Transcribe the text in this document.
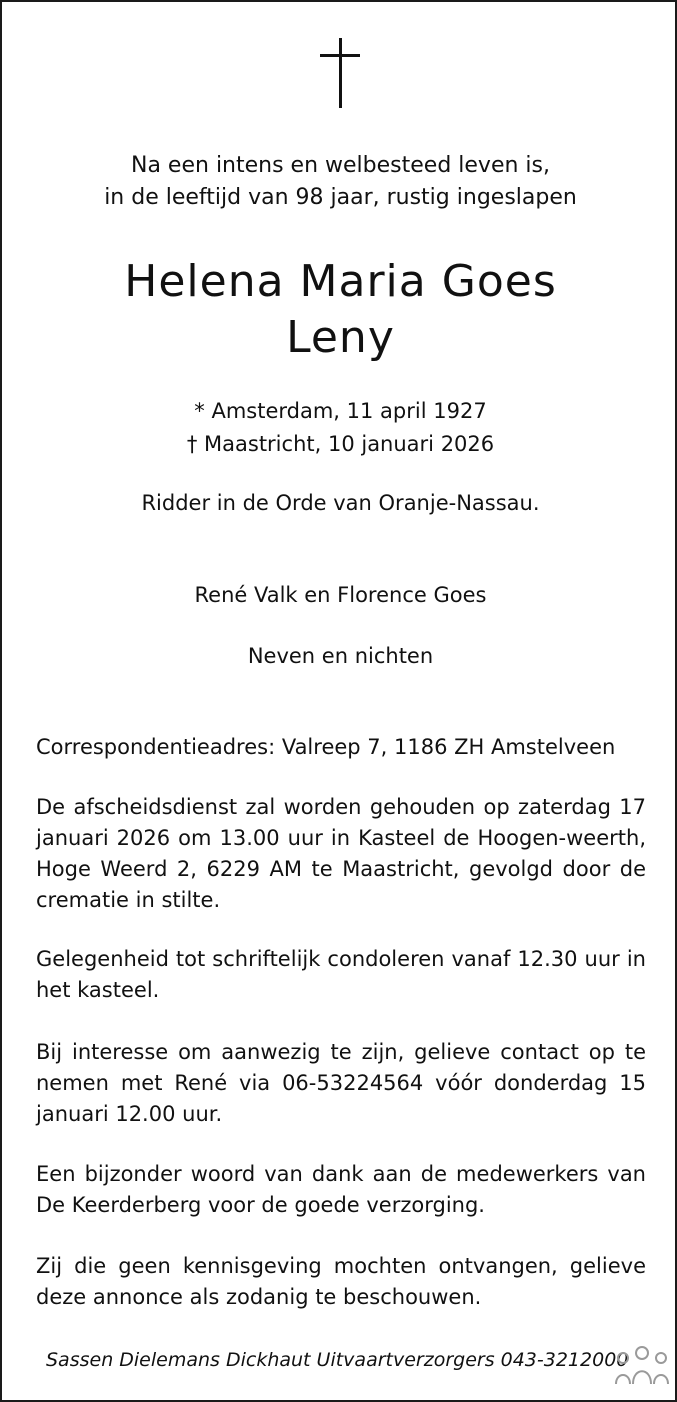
Na een intens en welbesteed leven is,
in de leeftijd van 98 jaar, rustig ingeslapen
Helena Maria Goes
Leny
* Amsterdam, 11 april 1927
† Maastricht, 10 januari 2026
Ridder in de Orde van Oranje-Nassau.
René Valk en Florence Goes
Neven en nichten
Correspondentieadres: Valreep 7, 1186 ZH Amstelveen
De afscheidsdienst zal worden gehouden op zaterdag 17 januari 2026 om 13.00 uur in Kasteel de Hoogen-weerth, Hoge Weerd 2, 6229 AM te Maastricht, gevolgd door de crematie in stilte.
Gelegenheid tot schriftelijk condoleren vanaf 12.30 uur in het kasteel.
Bij interesse om aanwezig te zijn, gelieve contact op te nemen met René via 06-53224564 vóór donderdag 15 januari 12.00 uur.
Een bijzonder woord van dank aan de medewerkers van De Keerderberg voor de goede verzorging.
Zij die geen kennisgeving mochten ontvangen, gelieve deze annonce als zodanig te beschouwen.
Sassen Dielemans Dickhaut Uitvaartverzorgers 043-3212000
